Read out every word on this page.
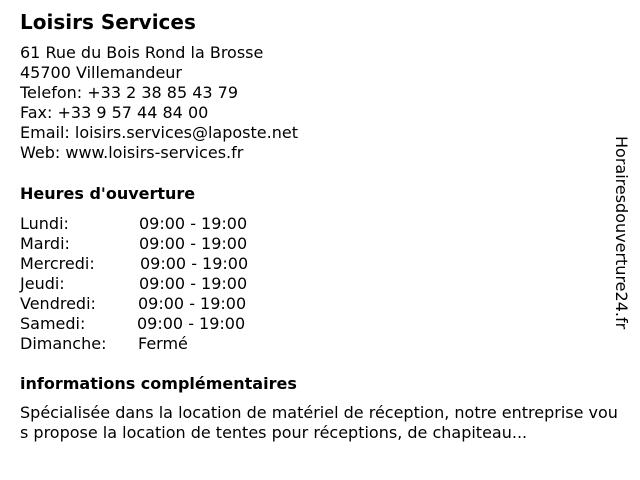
Loisirs Services
61 Rue du Bois Rond la Brosse
45700 Villemandeur
Telefon: +33 2 38 85 43 79
Fax: +33 9 57 44 84 00
Email: loisirs.services@laposte.net
Web: www.loisirs-services.fr
Heures d'ouverture
Lundi:	09:00 - 19:00
Mardi:	09:00 - 19:00
Mercredi:	09:00 - 19:00
Jeudi:	09:00 - 19:00
Vendredi:	09:00 - 19:00
Samedi:	09:00 - 19:00
Dimanche: Fermé
informations complémentaires
Spécialisée dans la location de matériel de réception, notre entreprise vous propose la location de tentes pour réceptions, de chapiteau...
Horairesdouverture24.fr
